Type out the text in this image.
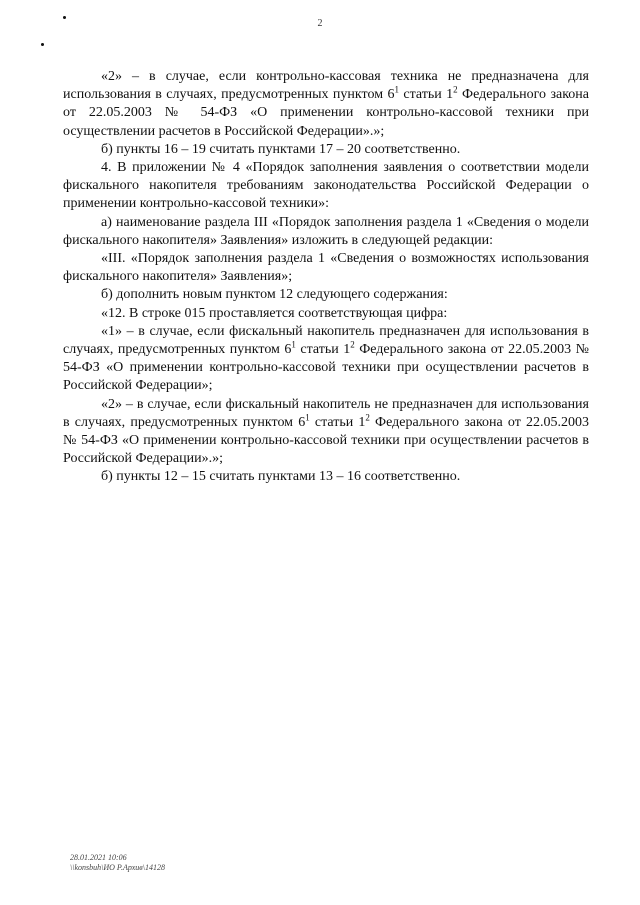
2

«2» – в случае, если контрольно-кассовая техника не предназначена для использования в случаях, предусмотренных пунктом $6^1$ статьи $1^2$ Федерального закона от 22.05.2003 № 54-ФЗ «О применении контрольно-кассовой техники при осуществлении расчетов в Российской Федерации».»;

б) пункты 16 – 19 считать пунктами 17 – 20 соответственно.

4. В приложении № 4 «Порядок заполнения заявления о соответствии модели фискального накопителя требованиям законодательства Российской Федерации о применении контрольно-кассовой техники»:

а) наименование раздела III «Порядок заполнения раздела 1 «Сведения о модели фискального накопителя» Заявления» изложить в следующей редакции:

«III. «Порядок заполнения раздела 1 «Сведения о возможностях использования фискального накопителя» Заявления»;

б) дополнить новым пунктом 12 следующего содержания:

«12. В строке 015 проставляется соответствующая цифра:

«1» – в случае, если фискальный накопитель предназначен для использования в случаях, предусмотренных пунктом $6^1$ статьи $1^2$ Федерального закона от 22.05.2003 № 54-ФЗ «О применении контрольно-кассовой техники при осуществлении расчетов в Российской Федерации»;

«2» – в случае, если фискальный накопитель не предназначен для использования в случаях, предусмотренных пунктом $6^1$ статьи $1^2$ Федерального закона от 22.05.2003 № 54-ФЗ «О применении контрольно-кассовой техники при осуществлении расчетов в Российской Федерации».»;

б) пункты 12 – 15 считать пунктами 13 – 16 соответственно.

28.01.2021 10:06
\\konsbuh\ИО Р.Архив\14128
